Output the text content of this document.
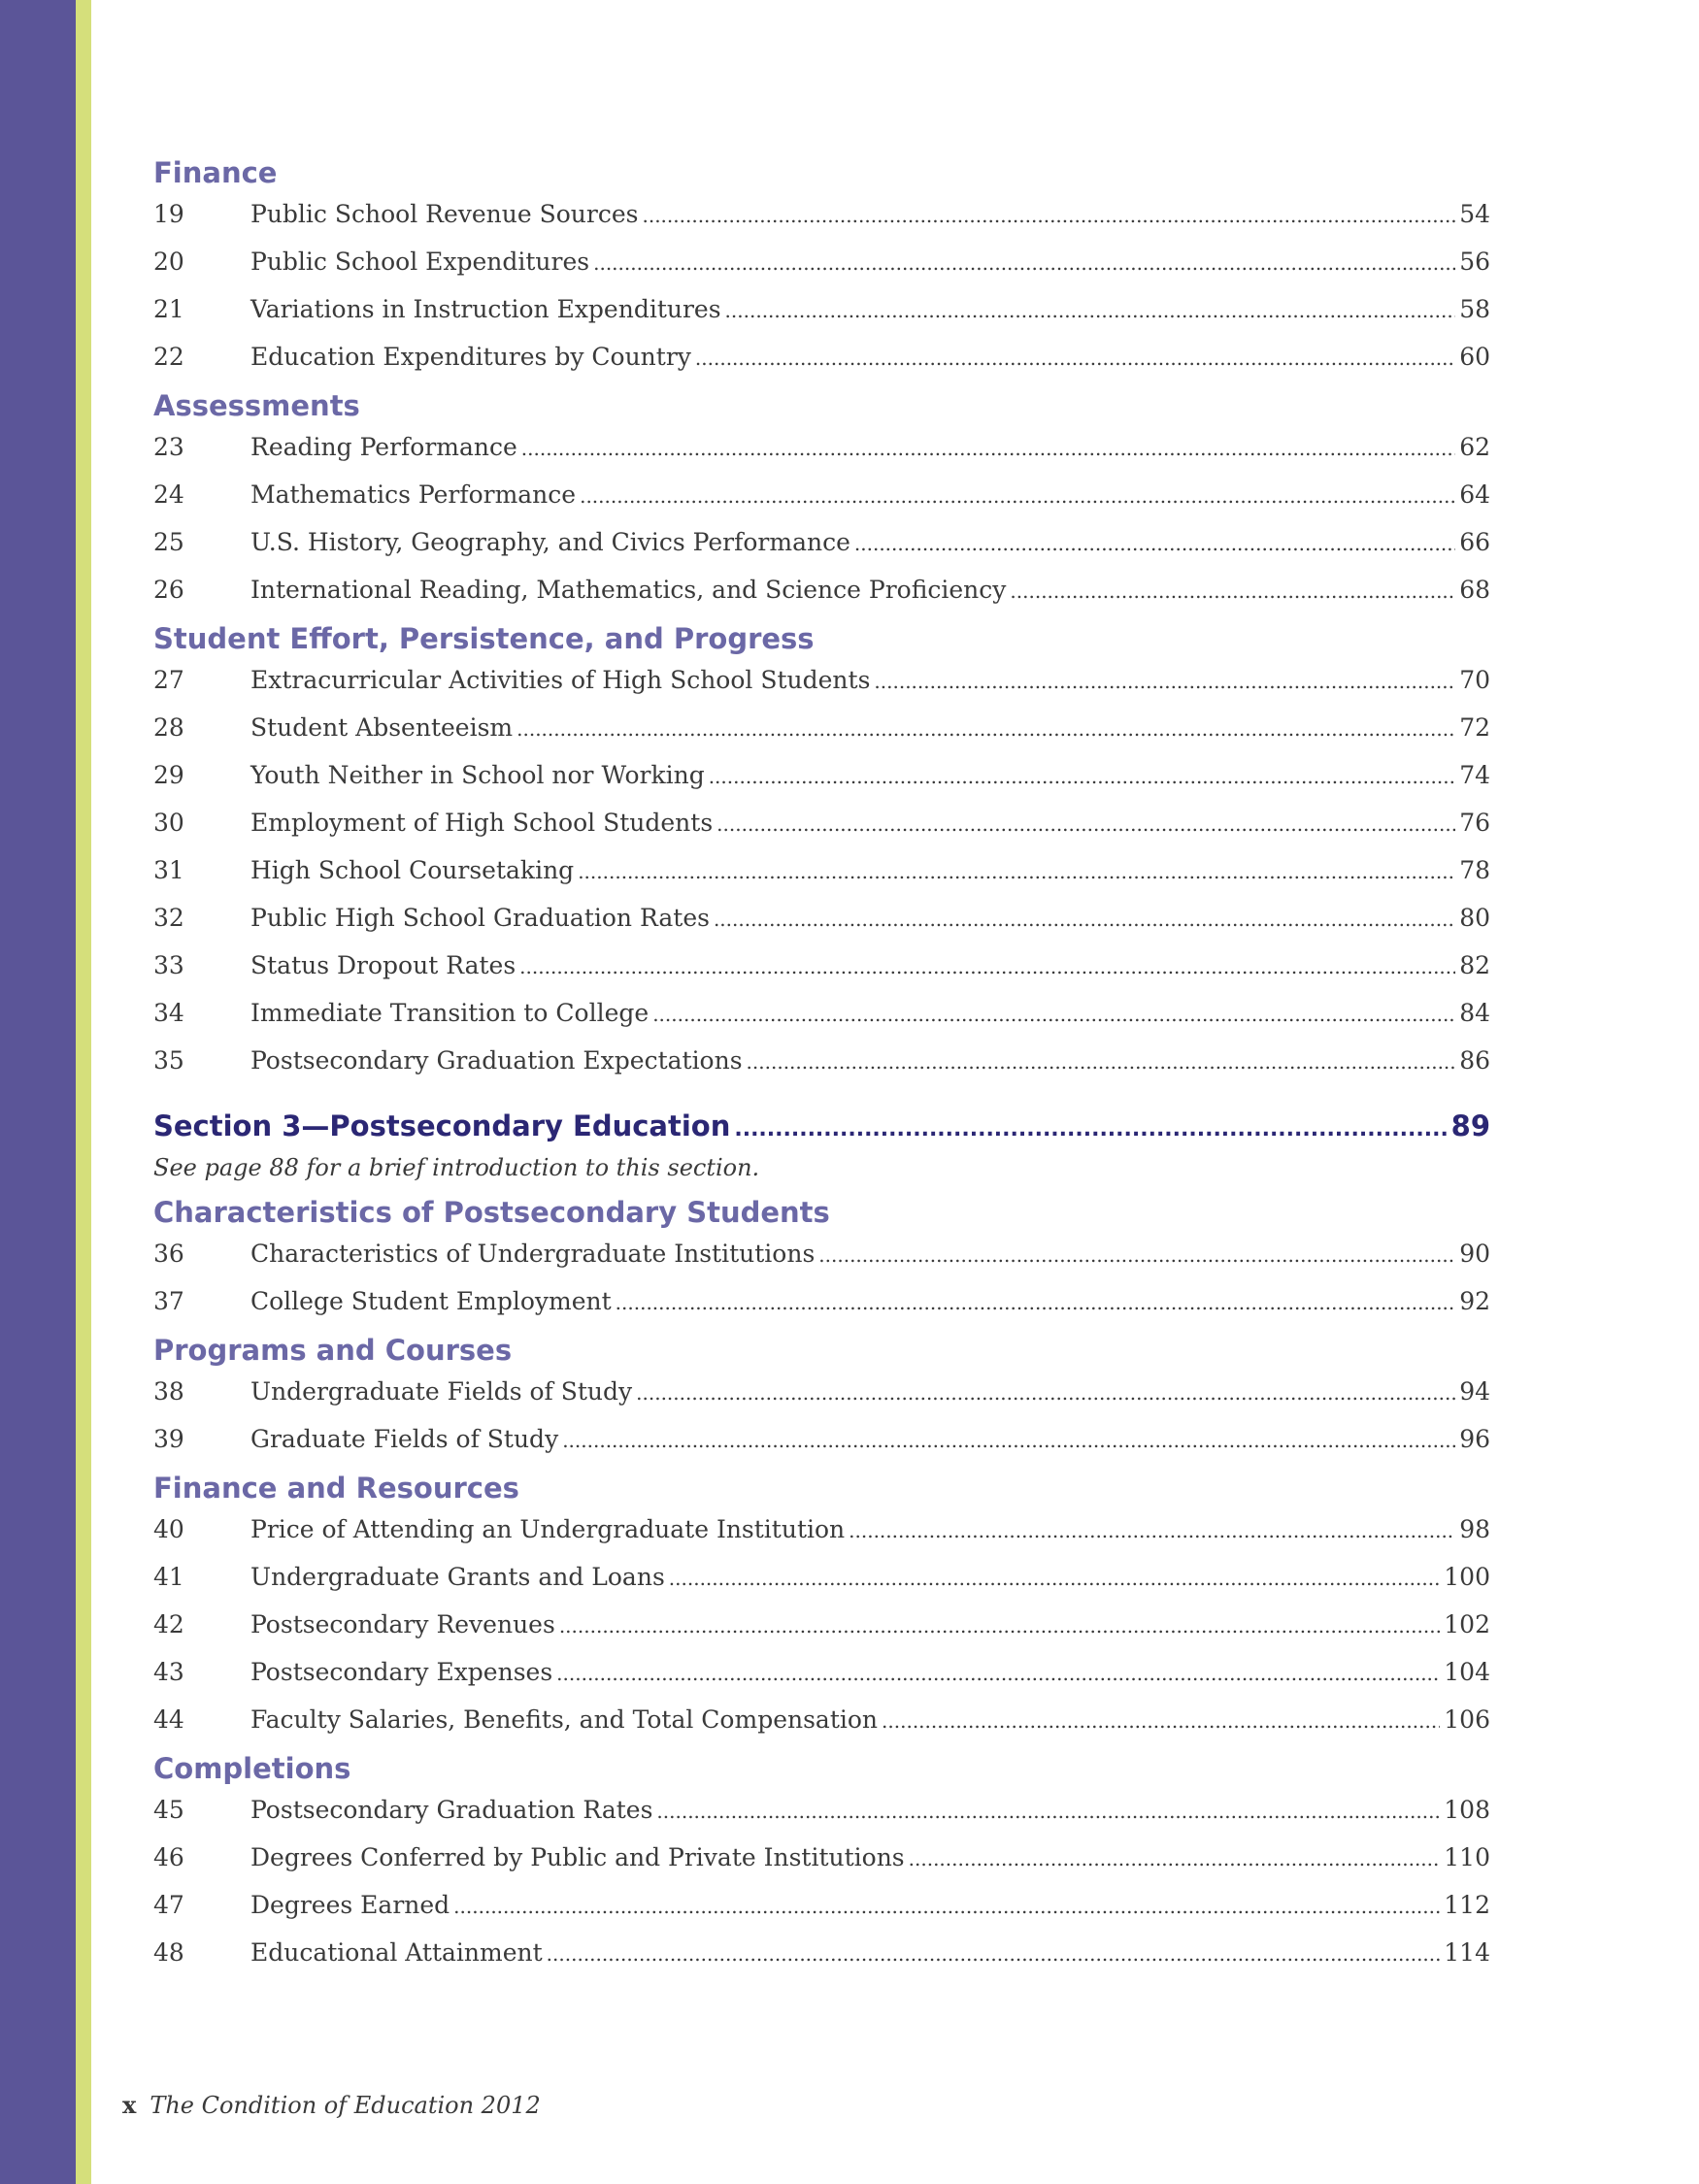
Finance
19	Public School Revenue Sources .....	54
20	Public School Expenditures .....	56
21	Variations in Instruction Expenditures .....	58
22	Education Expenditures by Country .....	60
Assessments
23	Reading Performance .....	62
24	Mathematics Performance .....	64
25	U.S. History, Geography, and Civics Performance .....	66
26	International Reading, Mathematics, and Science Proficiency .....	68
Student Effort, Persistence, and Progress
27	Extracurricular Activities of High School Students .....	70
28	Student Absenteeism .....	72
29	Youth Neither in School nor Working .....	74
30	Employment of High School Students .....	76
31	High School Coursetaking .....	78
32	Public High School Graduation Rates .....	80
33	Status Dropout Rates .....	82
34	Immediate Transition to College .....	84
35	Postsecondary Graduation Expectations .....	86
Section 3—Postsecondary Education .....	89
See page 88 for a brief introduction to this section.
Characteristics of Postsecondary Students
36	Characteristics of Undergraduate Institutions .....	90
37	College Student Employment .....	92
Programs and Courses
38	Undergraduate Fields of Study .....	94
39	Graduate Fields of Study .....	96
Finance and Resources
40	Price of Attending an Undergraduate Institution .....	98
41	Undergraduate Grants and Loans .....	100
42	Postsecondary Revenues .....	102
43	Postsecondary Expenses .....	104
44	Faculty Salaries, Benefits, and Total Compensation .....	106
Completions
45	Postsecondary Graduation Rates .....	108
46	Degrees Conferred by Public and Private Institutions .....	110
47	Degrees Earned .....	112
48	Educational Attainment .....	114
x The Condition of Education 2012
